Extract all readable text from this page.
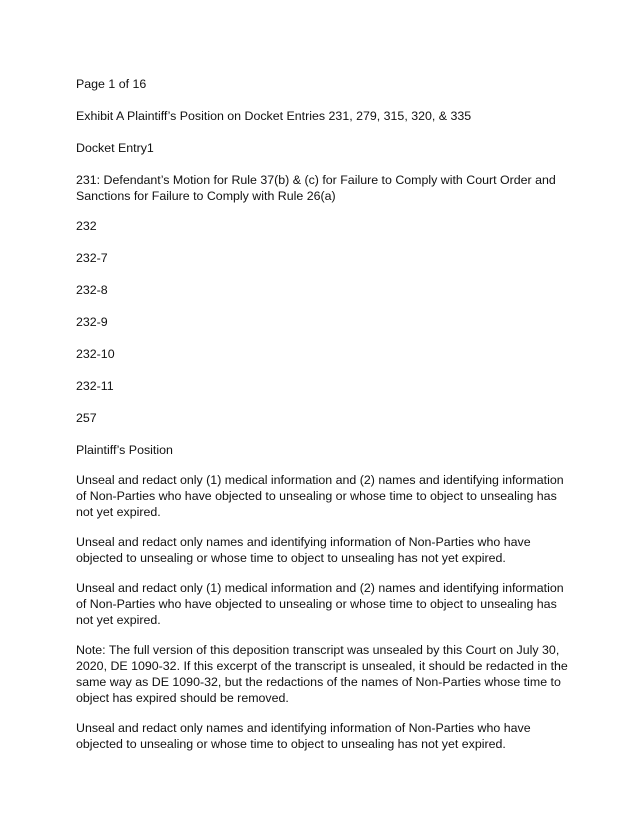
Page 1 of 16

Exhibit A Plaintiff’s Position on Docket Entries 231, 279, 315, 320, & 335

Docket Entry1

231: Defendant’s Motion for Rule 37(b) & (c) for Failure to Comply with Court Order and Sanctions for Failure to Comply with Rule 26(a)

232

232-7

232-8

232-9

232-10

232-11

257

Plaintiff’s Position

Unseal and redact only (1) medical information and (2) names and identifying information of Non-Parties who have objected to unsealing or whose time to object to unsealing has not yet expired.

Unseal and redact only names and identifying information of Non-Parties who have objected to unsealing or whose time to object to unsealing has not yet expired.

Unseal and redact only (1) medical information and (2) names and identifying information of Non-Parties who have objected to unsealing or whose time to object to unsealing has not yet expired.

Note: The full version of this deposition transcript was unsealed by this Court on July 30, 2020, DE 1090-32. If this excerpt of the transcript is unsealed, it should be redacted in the same way as DE 1090-32, but the redactions of the names of Non-Parties whose time to object has expired should be removed.

Unseal and redact only names and identifying information of Non-Parties who have objected to unsealing or whose time to object to unsealing has not yet expired.
